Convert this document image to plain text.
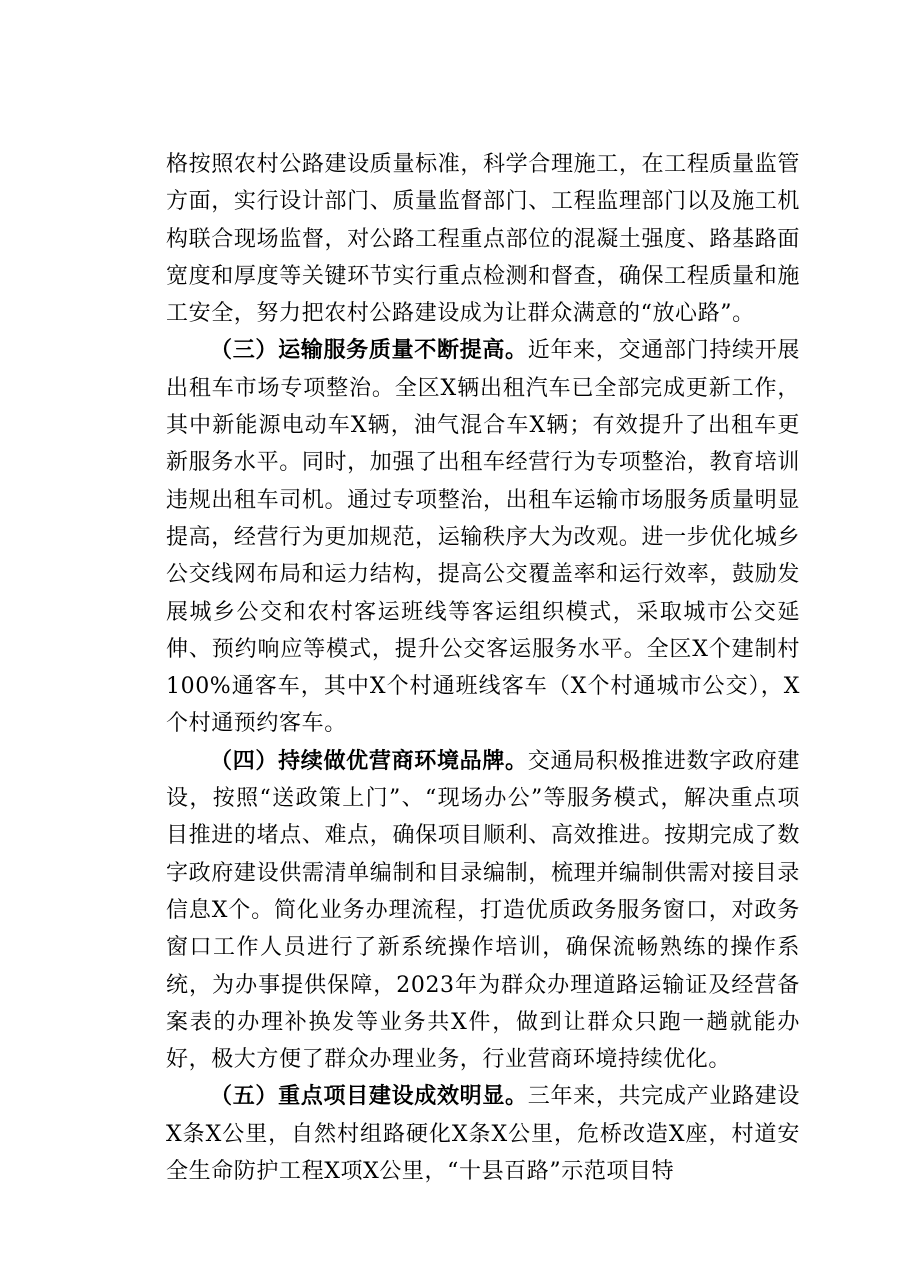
格按照农村公路建设质量标准，科学合理施工，在工程质量监管方面，实行设计部门、质量监督部门、工程监理部门以及施工机构联合现场监督，对公路工程重点部位的混凝土强度、路基路面宽度和厚度等关键环节实行重点检测和督查，确保工程质量和施工安全，努力把农村公路建设成为让群众满意的“放心路”。

（三）运输服务质量不断提高。近年来，交通部门持续开展出租车市场专项整治。全区X辆出租汽车已全部完成更新工作，其中新能源电动车X辆，油气混合车X辆；有效提升了出租车更新服务水平。同时，加强了出租车经营行为专项整治，教育培训违规出租车司机。通过专项整治，出租车运输市场服务质量明显提高，经营行为更加规范，运输秩序大为改观。进一步优化城乡公交线网布局和运力结构，提高公交覆盖率和运行效率，鼓励发展城乡公交和农村客运班线等客运组织模式，采取城市公交延伸、预约响应等模式，提升公交客运服务水平。全区X个建制村100%通客车，其中X个村通班线客车（X个村通城市公交），X个村通预约客车。

（四）持续做优营商环境品牌。交通局积极推进数字政府建设，按照“送政策上门”、“现场办公”等服务模式，解决重点项目推进的堵点、难点，确保项目顺利、高效推进。按期完成了数字政府建设供需清单编制和目录编制，梳理并编制供需对接目录信息X个。简化业务办理流程，打造优质政务服务窗口，对政务窗口工作人员进行了新系统操作培训，确保流畅熟练的操作系统，为办事提供保障，2023年为群众办理道路运输证及经营备案表的办理补换发等业务共X件，做到让群众只跑一趟就能办好，极大方便了群众办理业务，行业营商环境持续优化。

（五）重点项目建设成效明显。三年来，共完成产业路建设X条X公里，自然村组路硬化X条X公里，危桥改造X座，村道安全生命防护工程X项X公里，“十县百路”示范项目特
